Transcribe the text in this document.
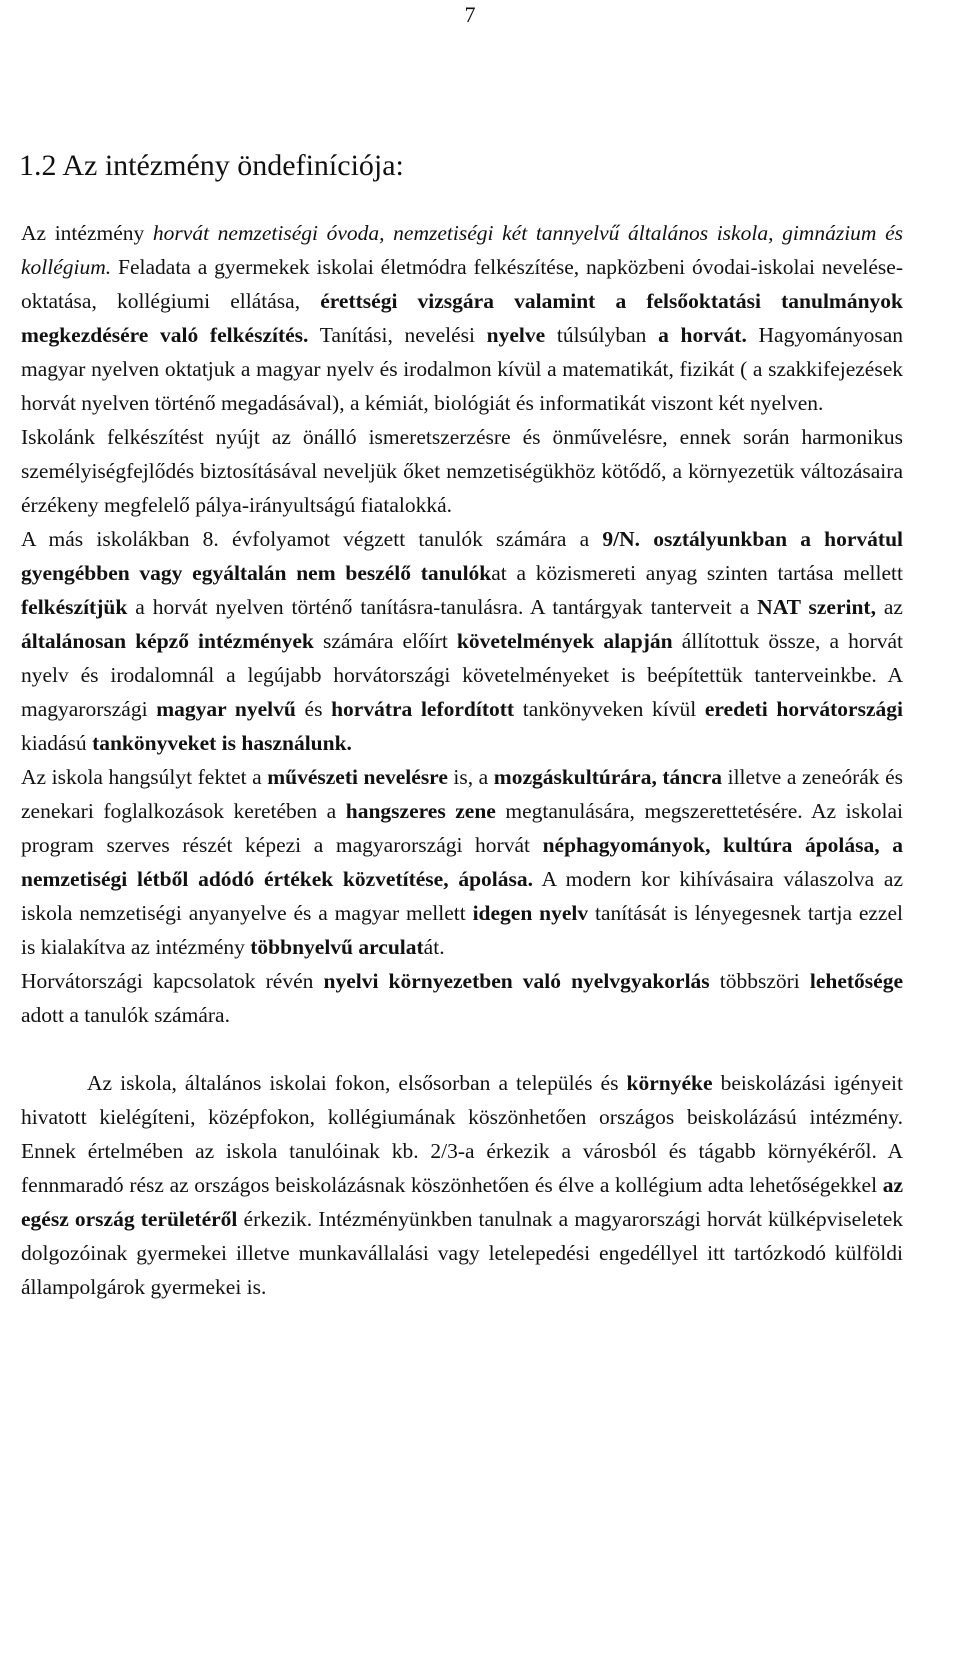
7
1.2 Az intézmény öndefiníciója:

Az intézmény horvát nemzetiségi óvoda, nemzetiségi két tannyelvű általános iskola, gimnázium és kollégium. Feladata a gyermekek iskolai életmódra felkészítése, napközbeni óvodai-iskolai nevelése-oktatása, kollégiumi ellátása, érettségi vizsgára valamint a felsőoktatási tanulmányok megkezdésére való felkészítés. Tanítási, nevelési nyelve túlsúlyban a horvát. Hagyományosan magyar nyelven oktatjuk a magyar nyelv és irodalmon kívül a matematikát, fizikát ( a szakkifejezések horvát nyelven történő megadásával), a kémiát, biológiát és informatikát viszont két nyelven.

Iskolánk felkészítést nyújt az önálló ismeretszerzésre és önművelésre, ennek során harmonikus személyiségfejlődés biztosításával neveljük őket nemzetiségükhöz kötődő, a környezetük változásaira érzékeny megfelelő pálya-irányultságú fiatalokká.

A más iskolákban 8. évfolyamot végzett tanulók számára a 9/N. osztályunkban a horvátul gyengébben vagy egyáltalán nem beszélő tanulókat a közismereti anyag szinten tartása mellett felkészítjük a horvát nyelven történő tanításra-tanulásra. A tantárgyak tanterveit a NAT szerint, az általánosan képző intézmények számára előírt követelmények alapján állítottuk össze, a horvát nyelv és irodalomnál a legújabb horvátországi követelményeket is beépítettük tanterveinkbe. A magyarországi magyar nyelvű és horvátra lefordított tankönyveken kívül eredeti horvátországi kiadású tankönyveket is használunk.

Az iskola hangsúlyt fektet a művészeti nevelésre is, a mozgáskultúrára, táncra illetve a zeneórák és zenekari foglalkozások keretében a hangszeres zene megtanulására, megszerettetésére. Az iskolai program szerves részét képezi a magyarországi horvát néphagyományok, kultúra ápolása, a nemzetiségi létből adódó értékek közvetítése, ápolása. A modern kor kihívásaira válaszolva az iskola nemzetiségi anyanyelve és a magyar mellett idegen nyelv tanítását is lényegesnek tartja ezzel is kialakítva az intézmény többnyelvű arculatát.

Horvátországi kapcsolatok révén nyelvi környezetben való nyelvgyakorlás többszöri lehetősége adott a tanulók számára.

Az iskola, általános iskolai fokon, elsősorban a település és környéke beiskolázási igényeit hivatott kielégíteni, középfokon, kollégiumának köszönhetően országos beiskolázású intézmény. Ennek értelmében az iskola tanulóinak kb. 2/3-a érkezik a városból és tágabb környékéről. A fennmaradó rész az országos beiskolázásnak köszönhetően és élve a kollégium adta lehetőségekkel az egész ország területéről érkezik. Intézményünkben tanulnak a magyarországi horvát külképviseletek dolgozóinak gyermekei illetve munkavállalási vagy letelepedési engedéllyel itt tartózkodó külföldi állampolgárok gyermekei is.
